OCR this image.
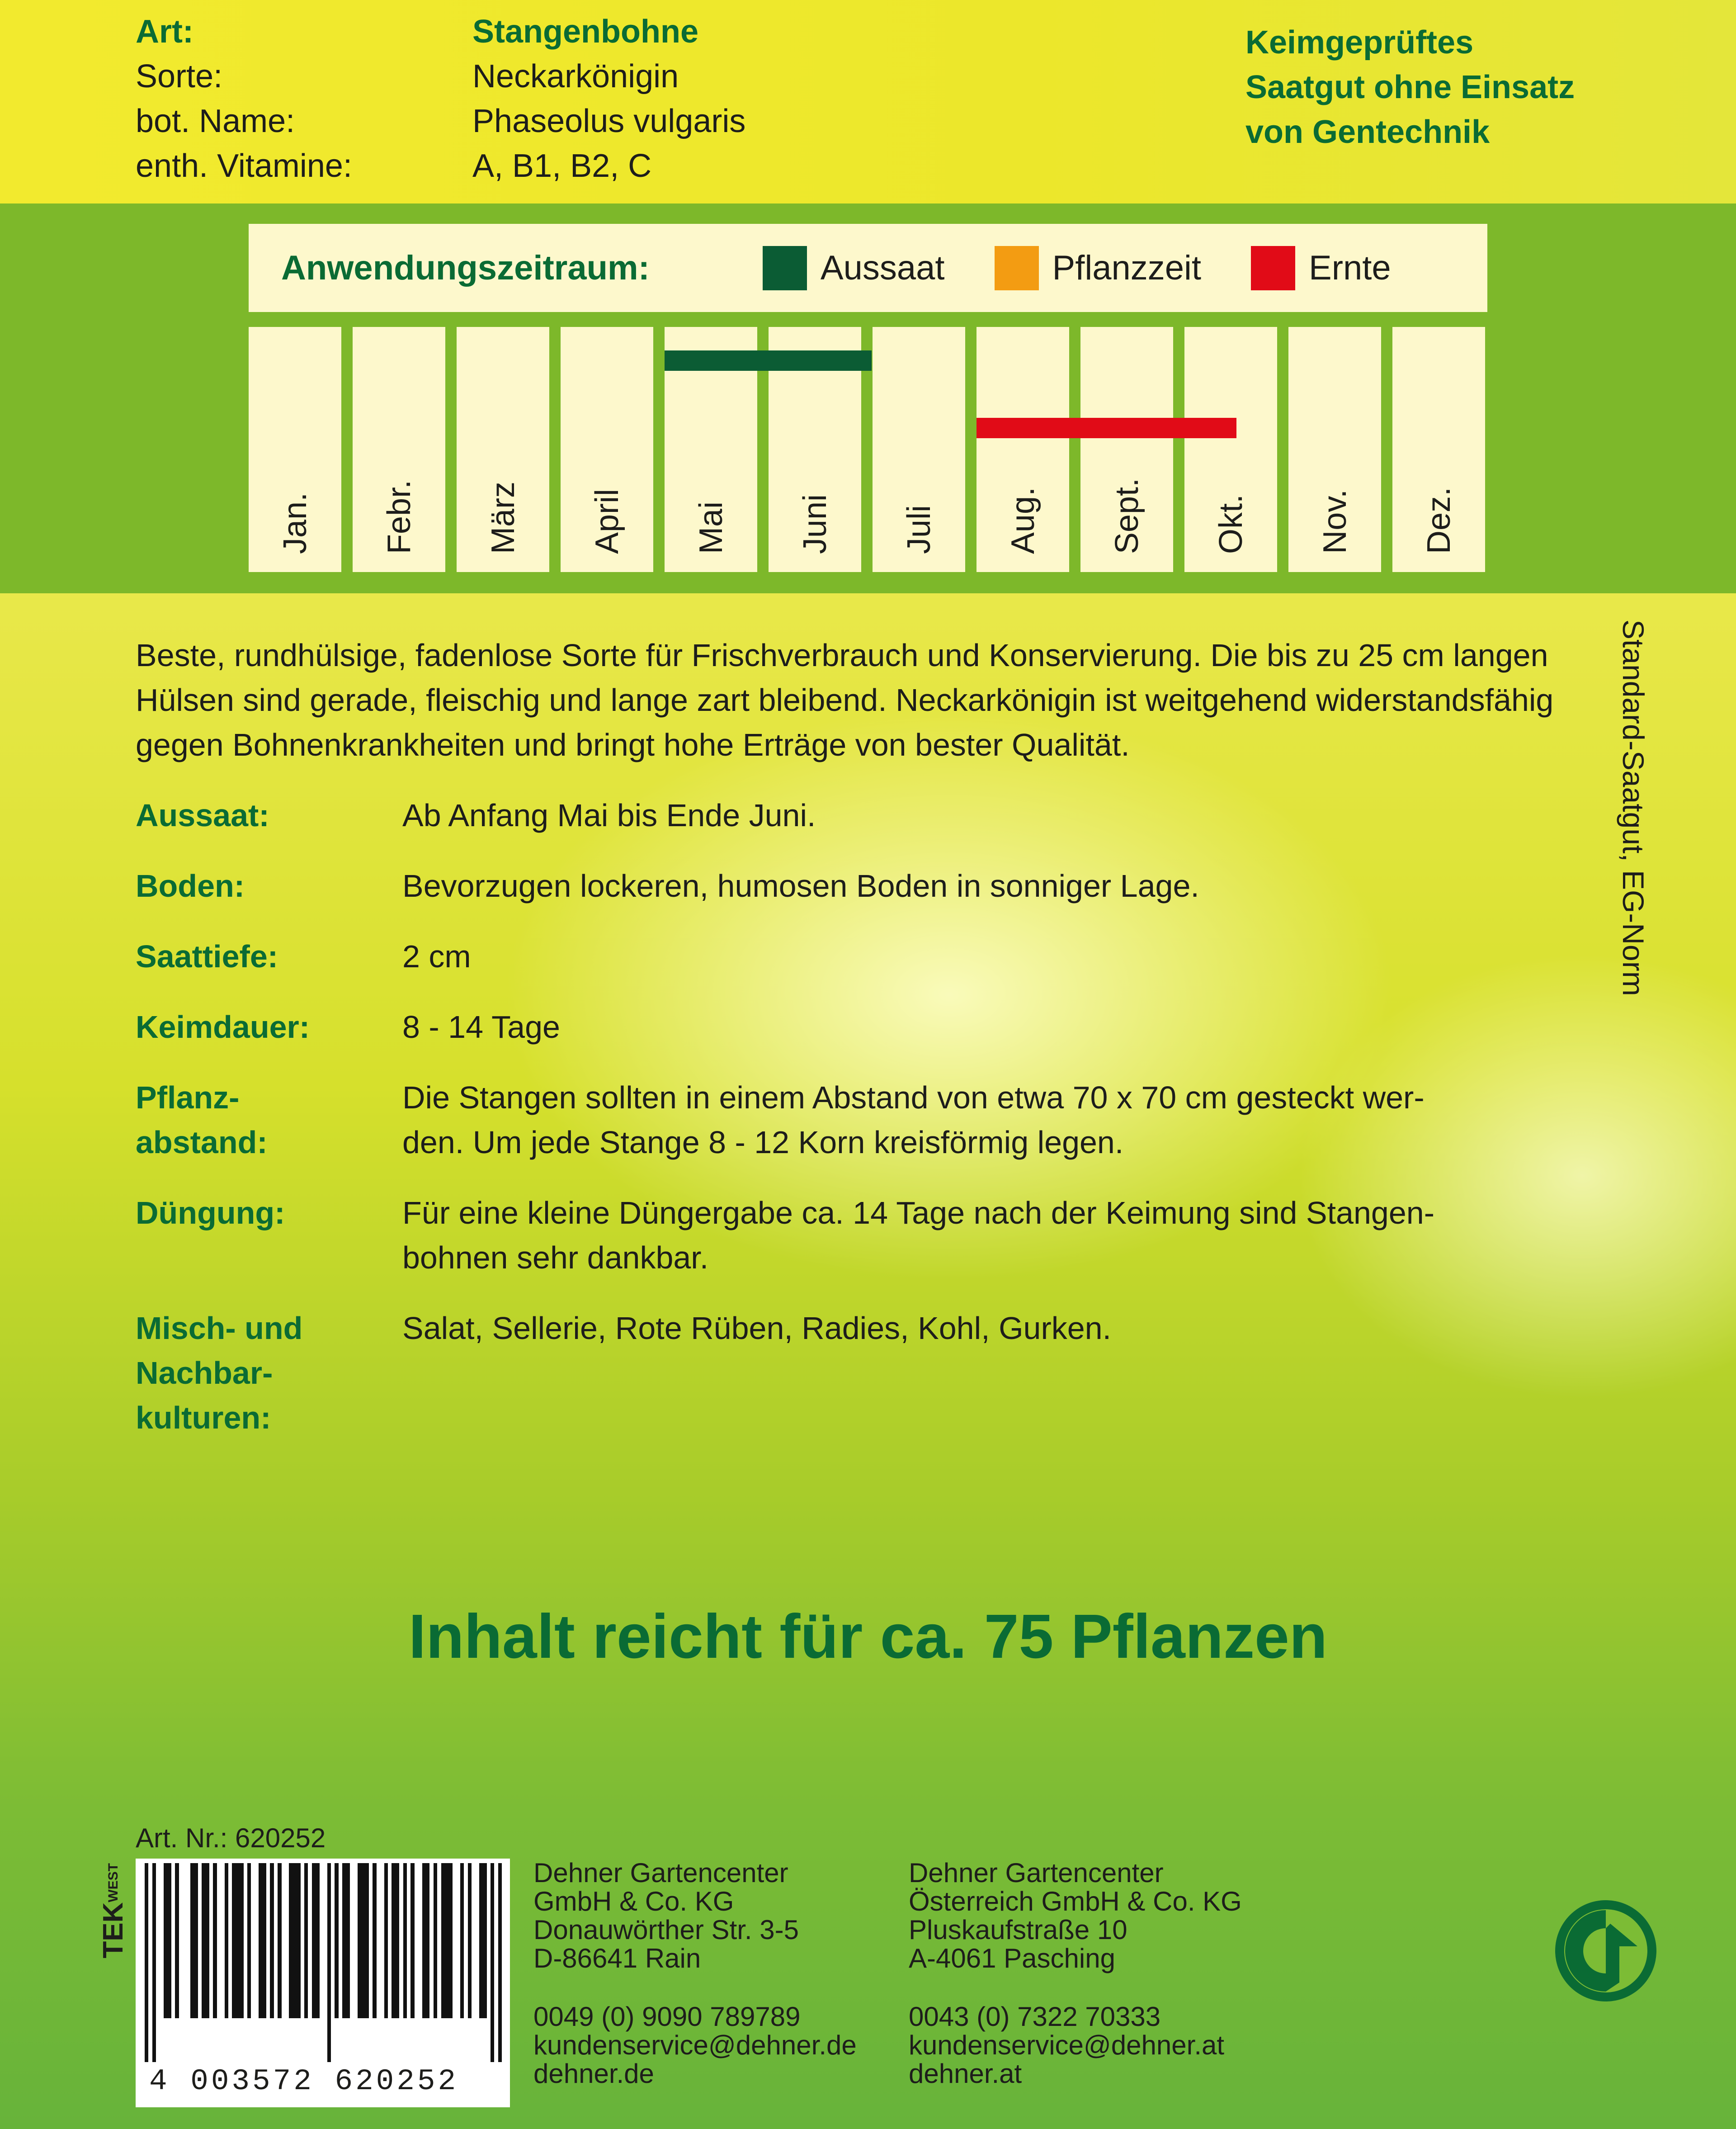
Art:	Stangenbohne
Sorte:	Neckarkönigin
bot. Name:	Phaseolus vulgaris
enth. Vitamine:	A, B1, B2, C
Keimgeprüftes
Saatgut ohne Einsatz
von Gentechnik
Anwendungszeitraum:	Aussaat	Pflanzzeit	Ernte
Jan. Febr. März April Mai Juni Juli Aug. Sept. Okt. Nov. Dez.
Beste, rundhülsige, fadenlose Sorte für Frischverbrauch und Konservierung. Die bis zu 25 cm langen Hülsen sind gerade, fleischig und lange zart bleibend. Neckarkönigin ist weitgehend widerstandsfähig gegen Bohnenkrankheiten und bringt hohe Erträge von bester Qualität.
Aussaat:	Ab Anfang Mai bis Ende Juni.
Boden:	Bevorzugen lockeren, humosen Boden in sonniger Lage.
Saattiefe:	2 cm
Keimdauer:	8 - 14 Tage
Pflanz-
abstand:
Die Stangen sollten in einem Abstand von etwa 70 x 70 cm gesteckt wer-
den. Um jede Stange 8 - 12 Korn kreisförmig legen.
Düngung:	Für eine kleine Düngergabe ca. 14 Tage nach der Keimung sind Stangen-
bohnen sehr dankbar.
Misch- und
Nachbar-
kulturen:
Salat, Sellerie, Rote Rüben, Radies, Kohl, Gurken.
Standard-Saatgut, EG-Norm
Inhalt reicht für ca. 75 Pflanzen
Art. Nr.: 620252
TEKWEST
4 003572 620252
Dehner Gartencenter
GmbH & Co. KG
Donauwörther Str. 3-5
D-86641 Rain
0049 (0) 9090 789789
kundenservice@dehner.de
dehner.de
Dehner Gartencenter
Österreich GmbH & Co. KG
Pluskaufstraße 10
A-4061 Pasching
0043 (0) 7322 70333
kundenservice@dehner.at
dehner.at
